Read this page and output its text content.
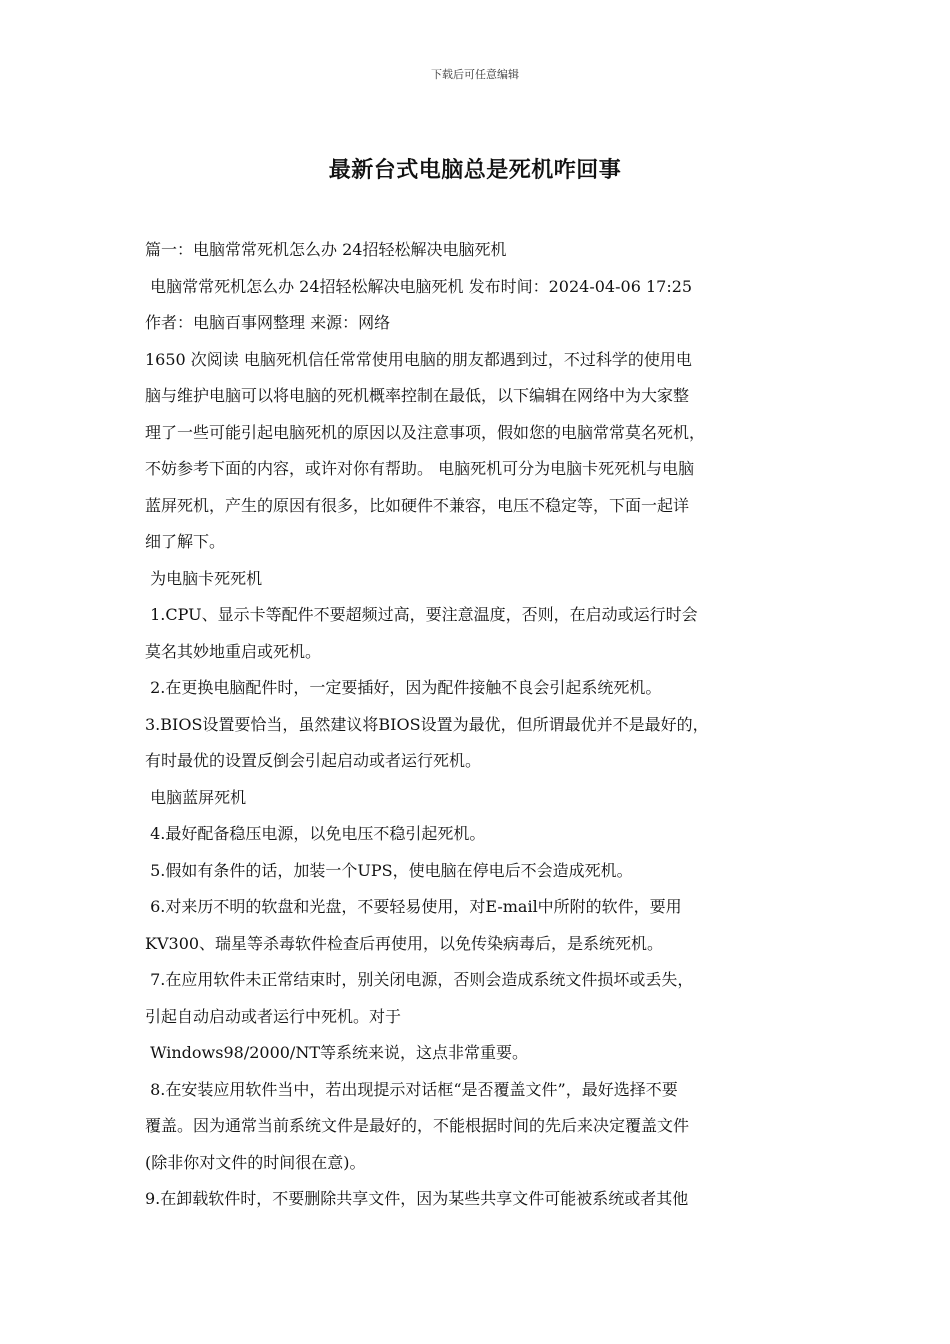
下载后可任意编辑
最新台式电脑总是死机咋回事
篇一：电脑常常死机怎么办 24招轻松解决电脑死机
电脑常常死机怎么办 24招轻松解决电脑死机 发布时间：2024-04-06 17:25
作者：电脑百事网整理 来源：网络
1650 次阅读 电脑死机信任常常使用电脑的朋友都遇到过，不过科学的使用电
脑与维护电脑可以将电脑的死机概率控制在最低，以下编辑在网络中为大家整
理了一些可能引起电脑死机的原因以及注意事项，假如您的电脑常常莫名死机，
不妨参考下面的内容，或许对你有帮助。 电脑死机可分为电脑卡死死机与电脑
蓝屏死机，产生的原因有很多，比如硬件不兼容，电压不稳定等，下面一起详
细了解下。
为电脑卡死死机
1.CPU、显示卡等配件不要超频过高，要注意温度，否则，在启动或运行时会
莫名其妙地重启或死机。
2.在更换电脑配件时，一定要插好，因为配件接触不良会引起系统死机。
3.BIOS设置要恰当，虽然建议将BIOS设置为最优，但所谓最优并不是最好的，
有时最优的设置反倒会引起启动或者运行死机。
电脑蓝屏死机
4.最好配备稳压电源，以免电压不稳引起死机。
5.假如有条件的话，加装一个UPS，使电脑在停电后不会造成死机。
6.对来历不明的软盘和光盘，不要轻易使用，对E-mail中所附的软件，要用
KV300、瑞星等杀毒软件检查后再使用，以免传染病毒后，是系统死机。
7.在应用软件未正常结束时，别关闭电源，否则会造成系统文件损坏或丢失，
引起自动启动或者运行中死机。对于
Windows98/2000/NT等系统来说，这点非常重要。
8.在安装应用软件当中，若出现提示对话框“是否覆盖文件”，最好选择不要
覆盖。因为通常当前系统文件是最好的，不能根据时间的先后来决定覆盖文件
(除非你对文件的时间很在意)。
9.在卸载软件时，不要删除共享文件，因为某些共享文件可能被系统或者其他
